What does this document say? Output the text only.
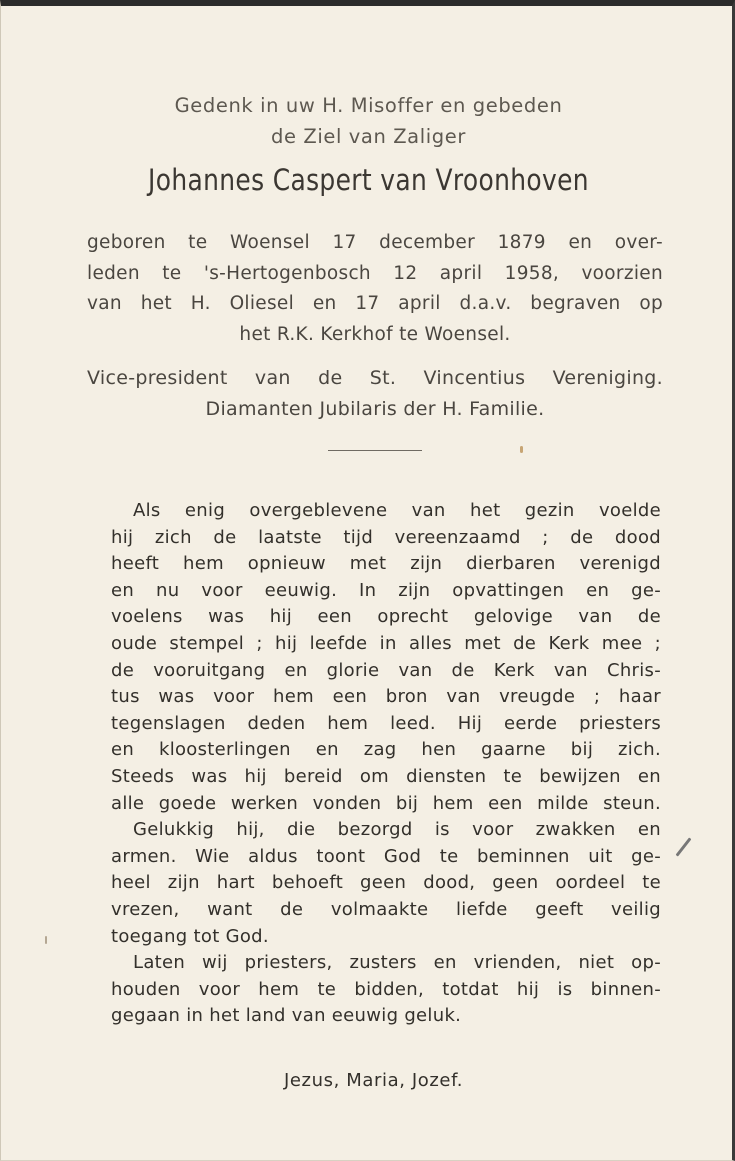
Gedenk in uw H. Misoffer en gebeden
de Ziel van Zaliger
Johannes Caspert van Vroonhoven
geboren te Woensel 17 december 1879 en over-
leden te 's-Hertogenbosch 12 april 1958, voorzien
van het H. Oliesel en 17 april d.a.v. begraven op
het R.K. Kerkhof te Woensel.
Vice-president van de St. Vincentius Vereniging.
Diamanten Jubilaris der H. Familie.
Als enig overgeblevene van het gezin voelde
hij zich de laatste tijd vereenzaamd ; de dood
heeft hem opnieuw met zijn dierbaren verenigd
en nu voor eeuwig. In zijn opvattingen en ge-
voelens was hij een oprecht gelovige van de
oude stempel ; hij leefde in alles met de Kerk mee ;
de vooruitgang en glorie van de Kerk van Chris-
tus was voor hem een bron van vreugde ; haar
tegenslagen deden hem leed. Hij eerde priesters
en kloosterlingen en zag hen gaarne bij zich.
Steeds was hij bereid om diensten te bewijzen en
alle goede werken vonden bij hem een milde steun.
Gelukkig hij, die bezorgd is voor zwakken en
armen. Wie aldus toont God te beminnen uit ge-
heel zijn hart behoeft geen dood, geen oordeel te
vrezen, want de volmaakte liefde geeft veilig
toegang tot God.
Laten wij priesters, zusters en vrienden, niet op-
houden voor hem te bidden, totdat hij is binnen-
gegaan in het land van eeuwig geluk.
Jezus, Maria, Jozef.
